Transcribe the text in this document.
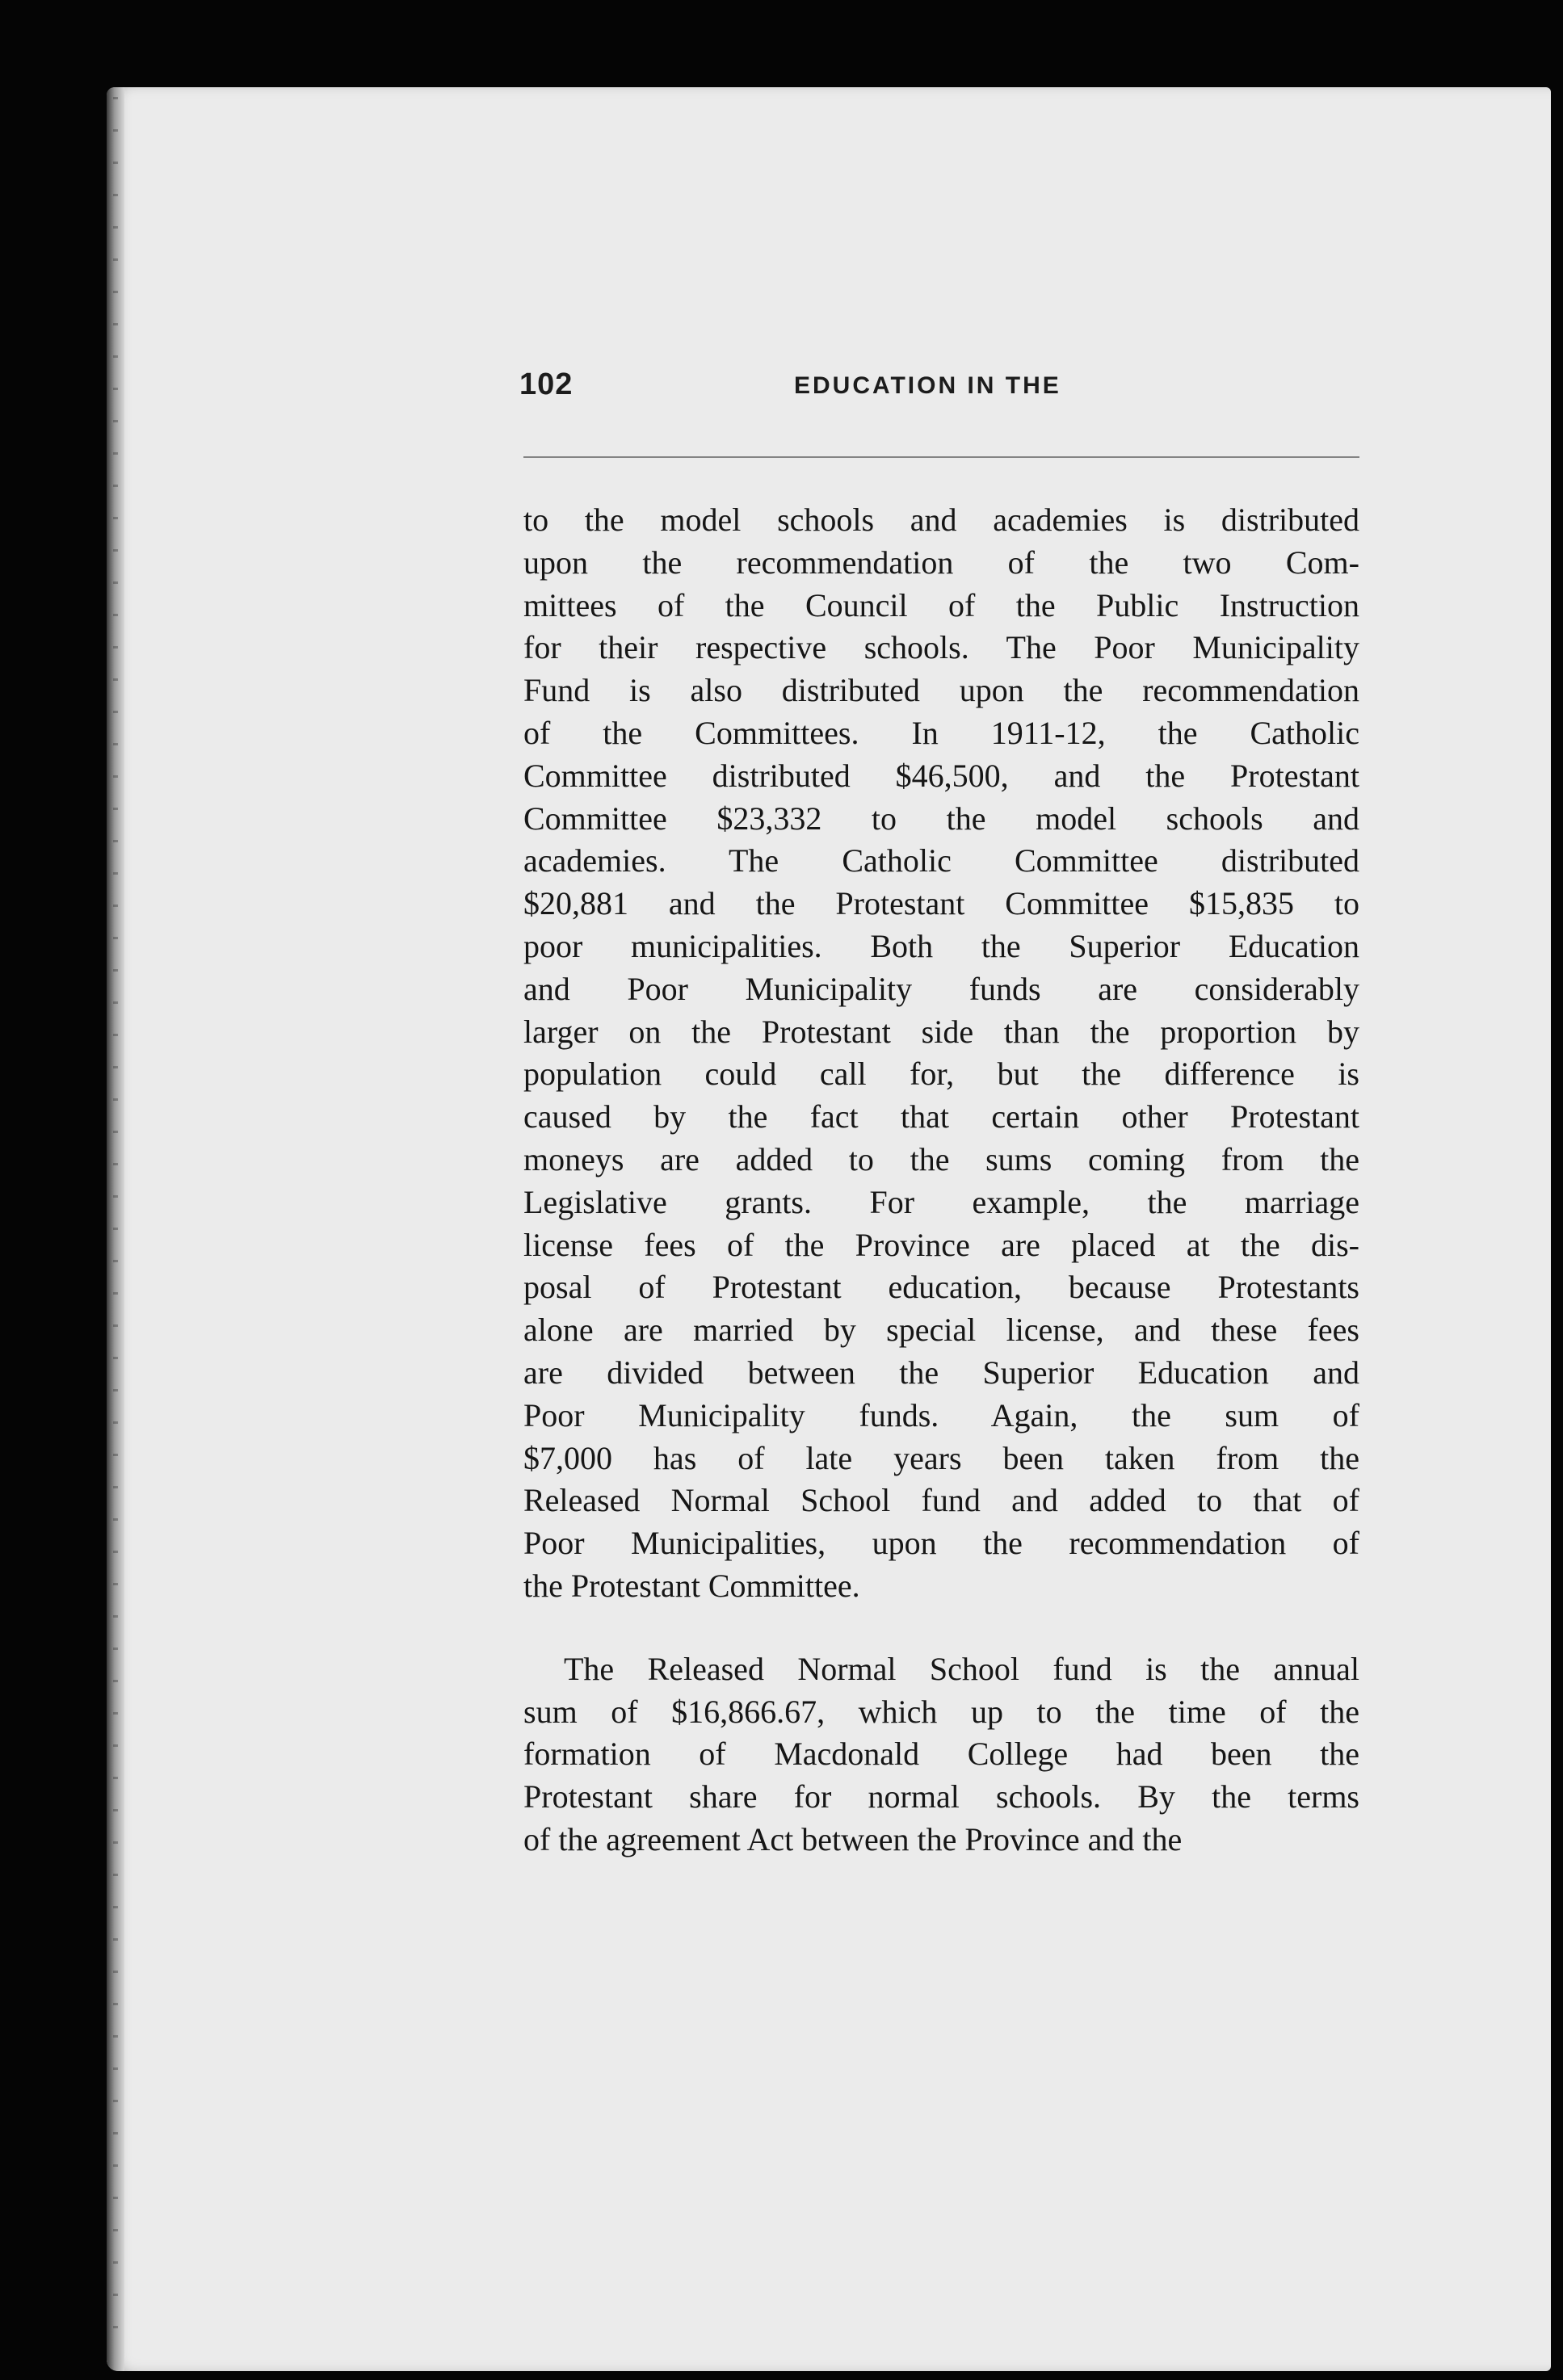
102	EDUCATION IN THE
to the model schools and academies is distributed
upon the recommendation of the two Com-
mittees of the Council of the Public Instruction
for their respective schools. The Poor Municipality
Fund is also distributed upon the recommendation
of the Committees. In 1911-12, the Catholic
Committee distributed $46,500, and the Protestant
Committee $23,332 to the model schools and
academies. The Catholic Committee distributed
$20,881 and the Protestant Committee $15,835 to
poor municipalities. Both the Superior Education
and Poor Municipality funds are considerably
larger on the Protestant side than the proportion by
population could call for, but the difference is
caused by the fact that certain other Protestant
moneys are added to the sums coming from the
Legislative grants. For example, the marriage
license fees of the Province are placed at the dis-
posal of Protestant education, because Protestants
alone are married by special license, and these fees
are divided between the Superior Education and
Poor Municipality funds. Again, the sum of
$7,000 has of late years been taken from the
Released Normal School fund and added to that of
Poor Municipalities, upon the recommendation of
the Protestant Committee.
The Released Normal School fund is the annual
sum of $16,866.67, which up to the time of the
formation of Macdonald College had been the
Protestant share for normal schools. By the terms
of the agreement Act between the Province and the
